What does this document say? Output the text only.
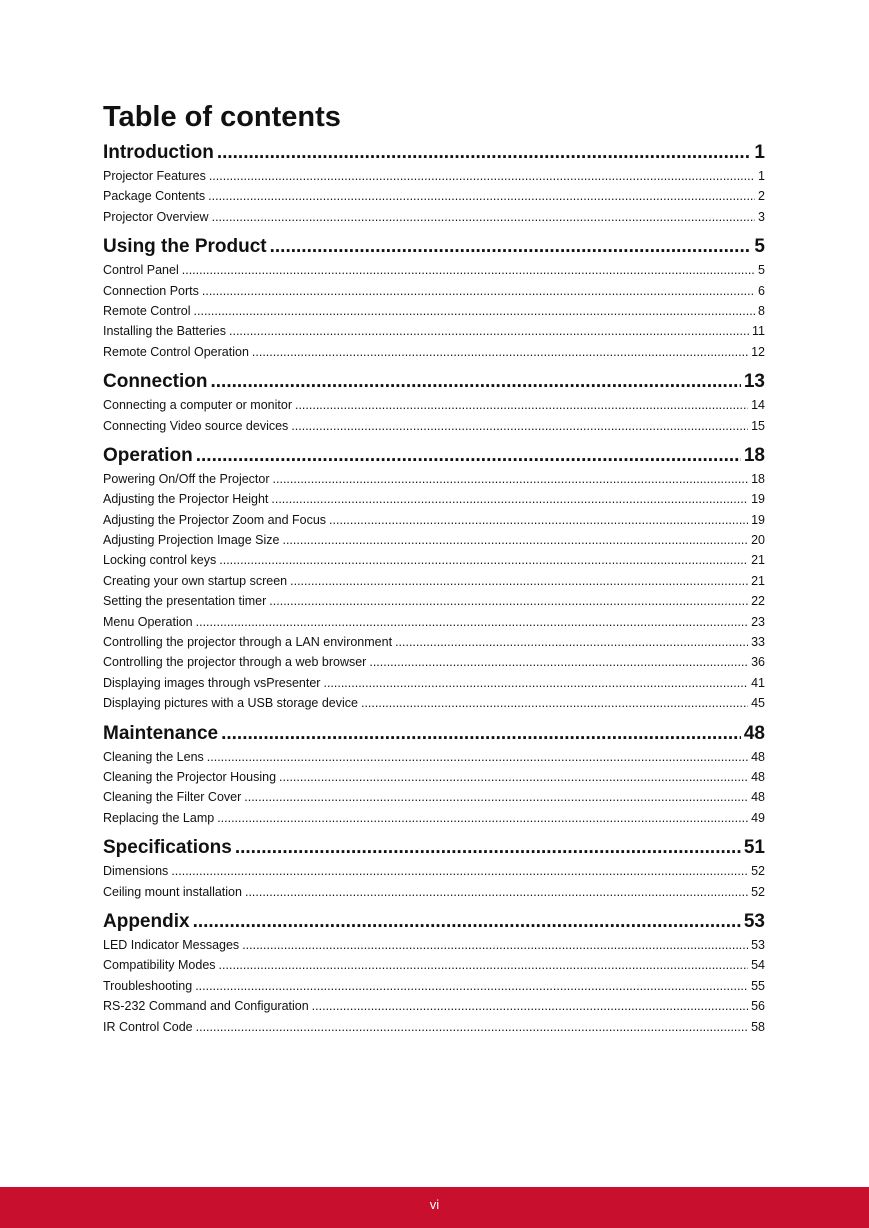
Table of contents
Introduction .....	1
Projector Features .....	1
Package Contents .....	2
Projector Overview .....	3
Using the Product .....	5
Control Panel .....	5
Connection Ports .....	6
Remote Control .....	8
Installing the Batteries .....	11
Remote Control Operation .....	12
Connection .....	13
Connecting a computer or monitor .....	14
Connecting Video source devices .....	15
Operation .....	18
Powering On/Off the Projector .....	18
Adjusting the Projector Height .....	19
Adjusting the Projector Zoom and Focus .....	19
Adjusting Projection Image Size .....	20
Locking control keys .....	21
Creating your own startup screen .....	21
Setting the presentation timer .....	22
Menu Operation .....	23
Controlling the projector through a LAN environment .....	33
Controlling the projector through a web browser .....	36
Displaying images through vsPresenter .....	41
Displaying pictures with a USB storage device .....	45
Maintenance .....	48
Cleaning the Lens .....	48
Cleaning the Projector Housing .....	48
Cleaning the Filter Cover .....	48
Replacing the Lamp .....	49
Specifications .....	51
Dimensions .....	52
Ceiling mount installation .....	52
Appendix .....	53
LED Indicator Messages .....	53
Compatibility Modes .....	54
Troubleshooting .....	55
RS-232 Command and Configuration .....	56
IR Control Code .....	58
vi
